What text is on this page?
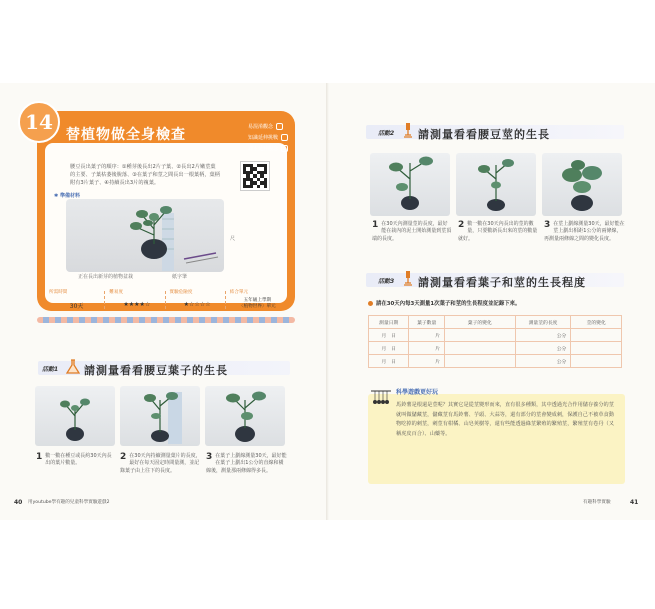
14
替植物做全身檢查
易混淆觀念
知識延伸挑戰
課本延伸觀念
腰豆長出葉子的順序：①種芽後長出2片子葉、②長出2片嫩莖葉的主要、子葉枯萎後脫落、③在葉子和莖之間長出一根葉柄，葉柄附有3片葉子、④持續長出3片的複葉。
✱ 準備材料
正在長出新芽的植物盆栽	紙字筆
尺
所需時間
30天
難易度
★★★★☆
實驗危險度
★☆☆☆☆
結合單元
五年級上學期
〈植物世界〉單元
活動1 請測量看看腰豆葉子的生長
1 數一數在種豆或長約30天內長出的葉片數量。
2 在30天內持續測量葉片的長度，最好在每天固定時間量測，並記錄葉子由上往下的長度。
3 在葉子上劃線測量30天，最好能在葉子上劃出1公分的直線和橫線後，測量那兩條線得多長。
40 用youtube學有趣的兒童科學實驗遊戲2
活動2 請測量看看腰豆莖的生長
1 在30天內測量莖的長度，最好能在栽內的泥土開始測量到莖頂端的長度。
2 數一數在30天內長出的莖的數量，只要數新長出來的莖的數量就好。
3 在莖上劃線測量30天，最好能在莖上劃出相距1公分的兩條線，再測量兩條線之間的變化長度。
活動3 請測量看看葉子和莖的生長程度
請在30天內每3天測量1次葉子和莖的生長程度並記錄下來。
測量日期	葉子數量	葉子的變化	測量莖的長度	莖的變化
月　日	片		公分	
月　日	片		公分	
月　日	片		公分	
科學遊戲更好玩
馬鈴薯是根還是莖呢？其實它是從莖變形而來，直有很多種類，其中透過光合作用儲存養分的莖就叫做儲藏莖，儲藏莖有馬鈴薯、芋頭、大蒜等，還有部分的莖會變成刺，保護自己不被草食動物吃掉的刺莖，刺莖有柑橘、山皂莢樹等，還有些能透過綠莖繁殖的繁殖莖，繁殖莖有卷丹（又稱虎皮百合）、山藥等。
有趣科學實驗	41
